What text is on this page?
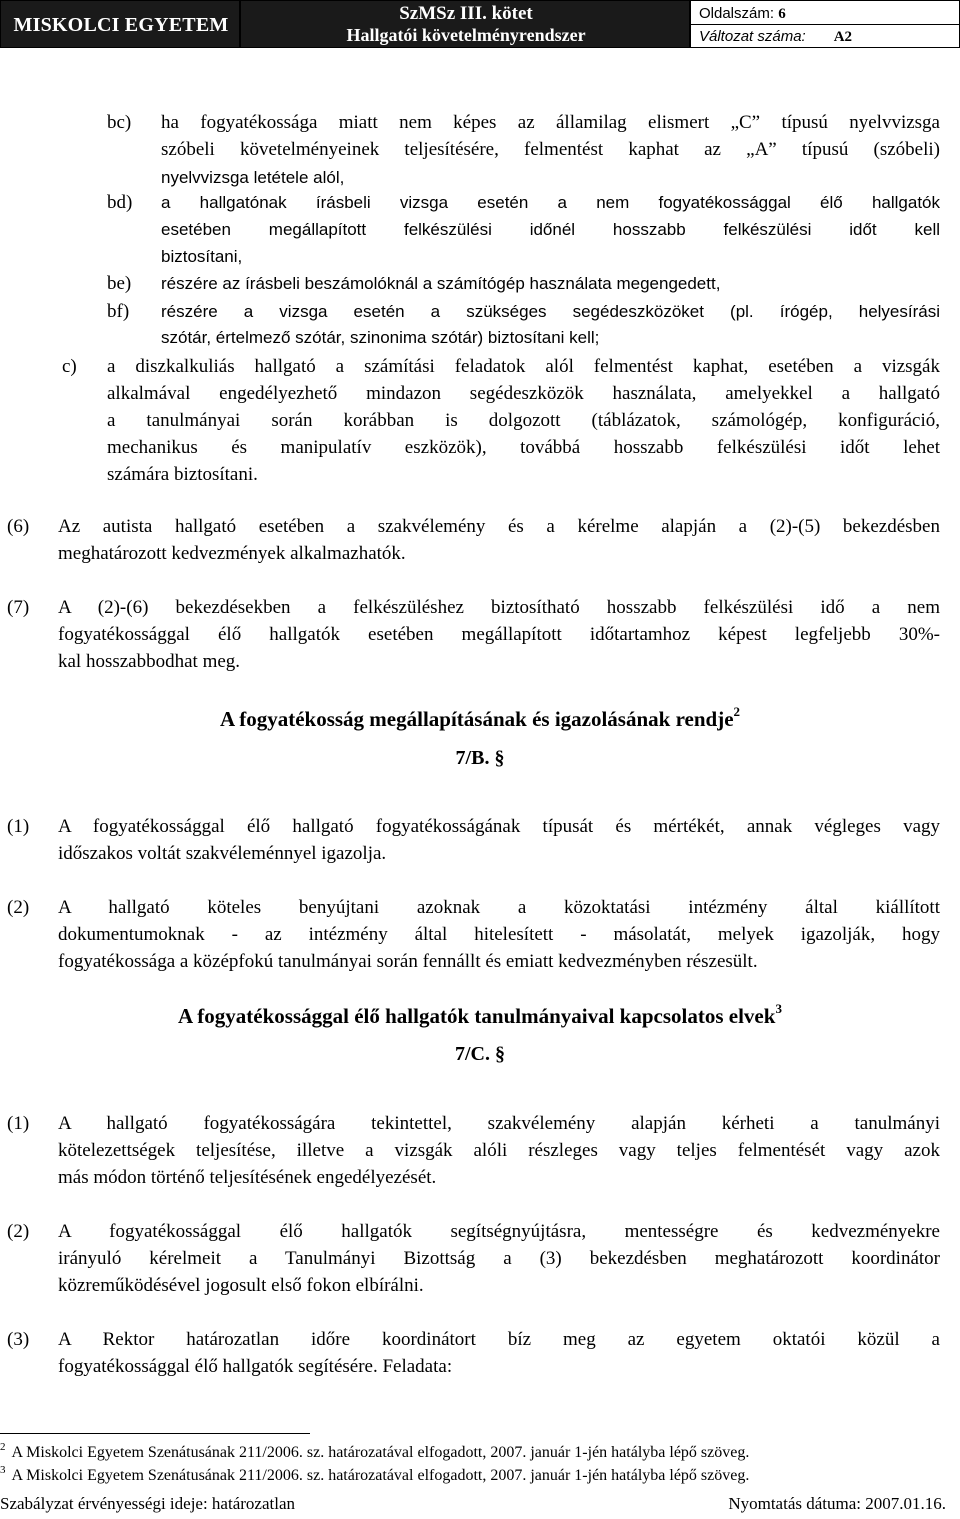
MISKOLCI EGYETEM
SzMSz III. kötet
Hallgatói követelményrendszer
Oldalszám: 6
Változat száma: A2
bc) ha fogyatékossága miatt nem képes az államilag elismert „C” típusú nyelvvizsga
szóbeli követelményeinek teljesítésére, felmentést kaphat az „A” típusú (szóbeli)
nyelvvizsga letétele alól,
bd) a hallgatónak írásbeli vizsga esetén a nem fogyatékossággal élő hallgatók
esetében megállapított felkészülési időnél hosszabb felkészülési időt kell
biztosítani,
be) részére az írásbeli beszámolóknál a számítógép használata megengedett,
bf) részére a vizsga esetén a szükséges segédeszközöket (pl. írógép, helyesírási
szótár, értelmező szótár, szinonima szótár) biztosítani kell;
c) a diszkalkuliás hallgató a számítási feladatok alól felmentést kaphat, esetében a vizsgák
alkalmával engedélyezhető mindazon segédeszközök használata, amelyekkel a hallgató
a tanulmányai során korábban is dolgozott (táblázatok, számológép, konfiguráció,
mechanikus és manipulatív eszközök), továbbá hosszabb felkészülési időt lehet
számára biztosítani.
(6) Az autista hallgató esetében a szakvélemény és a kérelme alapján a (2)-(5) bekezdésben
meghatározott kedvezmények alkalmazhatók.
(7) A (2)-(6) bekezdésekben a felkészüléshez biztosítható hosszabb felkészülési idő a nem
fogyatékossággal élő hallgatók esetében megállapított időtartamhoz képest legfeljebb 30%-
kal hosszabbodhat meg.
A fogyatékosság megállapításának és igazolásának rendje$^2$
7/B. §
(1) A fogyatékossággal élő hallgató fogyatékosságának típusát és mértékét, annak végleges vagy
időszakos voltát szakvéleménnyel igazolja.
(2) A hallgató köteles benyújtani azoknak a közoktatási intézmény által kiállított
dokumentumoknak - az intézmény által hitelesített - másolatát, melyek igazolják, hogy
fogyatékossága a középfokú tanulmányai során fennállt és emiatt kedvezményben részesült.
A fogyatékossággal élő hallgatók tanulmányaival kapcsolatos elvek$^3$
7/C. §
(1) A hallgató fogyatékosságára tekintettel, szakvélemény alapján kérheti a tanulmányi
kötelezettségek teljesítése, illetve a vizsgák alóli részleges vagy teljes felmentését vagy azok
más módon történő teljesítésének engedélyezését.
(2) A fogyatékossággal élő hallgatók segítségnyújtásra, mentességre és kedvezményekre
irányuló kérelmeit a Tanulmányi Bizottság a (3) bekezdésben meghatározott koordinátor
közreműködésével jogosult első fokon elbírálni.
(3) A Rektor határozatlan időre koordinátort bíz meg az egyetem oktatói közül a
fogyatékossággal élő hallgatók segítésére. Feladata:
$^2$ A Miskolci Egyetem Szenátusának 211/2006. sz. határozatával elfogadott, 2007. január 1-jén hatályba lépő szöveg.
$^3$ A Miskolci Egyetem Szenátusának 211/2006. sz. határozatával elfogadott, 2007. január 1-jén hatályba lépő szöveg.
Szabályzat érvényességi ideje: határozatlan	Nyomtatás dátuma: 2007.01.16.
